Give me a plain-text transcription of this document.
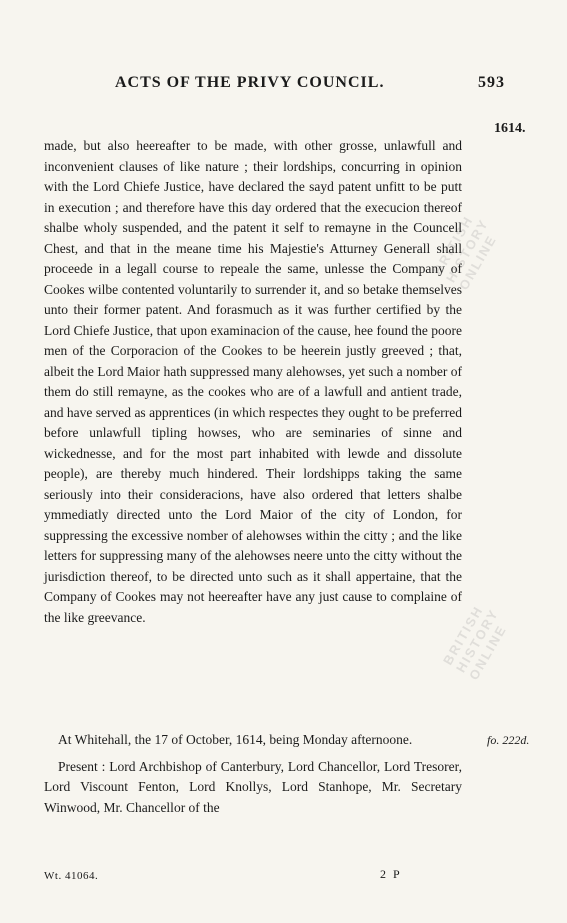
ACTS OF THE PRIVY COUNCIL.	593
1614.

made, but also heereafter to be made, with other grosse, unlawfull and inconvenient clauses of like nature ; their lordships, concurring in opinion with the Lord Chiefe Justice, have declared the sayd patent unfitt to be putt in execution ; and therefore have this day ordered that the execucion thereof shalbe wholy suspended, and the patent it self to remayne in the Councell Chest, and that in the meane time his Majestie's Atturney Generall shall proceede in a legall course to repeale the same, unlesse the Company of Cookes wilbe contented voluntarily to surrender it, and so betake themselves unto their former patent. And forasmuch as it was further certified by the Lord Chiefe Justice, that upon examinacion of the cause, hee found the poore men of the Corporacion of the Cookes to be heerein justly greeved ; that, albeit the Lord Maior hath suppressed many alehowses, yet such a nomber of them do still remayne, as the cookes who are of a lawfull and antient trade, and have served as apprentices (in which respectes they ought to be preferred before unlawfull tipling howses, who are seminaries of sinne and wickednesse, and for the most part inhabited with lewde and dissolute people), are thereby much hindered. Their lordshipps taking the same seriously into their consideracions, have also ordered that letters shalbe ymmediatly directed unto the Lord Maior of the city of London, for suppressing the excessive nomber of alehowses within the citty ; and the like letters for suppressing many of the alehowses neere unto the citty without the jurisdiction thereof, to be directed unto such as it shall appertaine, that the Company of Cookes may not heereafter have any just cause to complaine of the like greevance.

At Whitehall, the 17 of October, 1614, being Monday afternoone.

Present : Lord Archbishop of Canterbury, Lord Chancellor, Lord Tresorer, Lord Viscount Fenton, Lord Knollys, Lord Stanhope, Mr. Secretary Winwood, Mr. Chancellor of the

fo. 222d.
Wt. 41064.	2 P
BRITISH HISTORY ONLINE
BRITISH HISTORY ONLINE
